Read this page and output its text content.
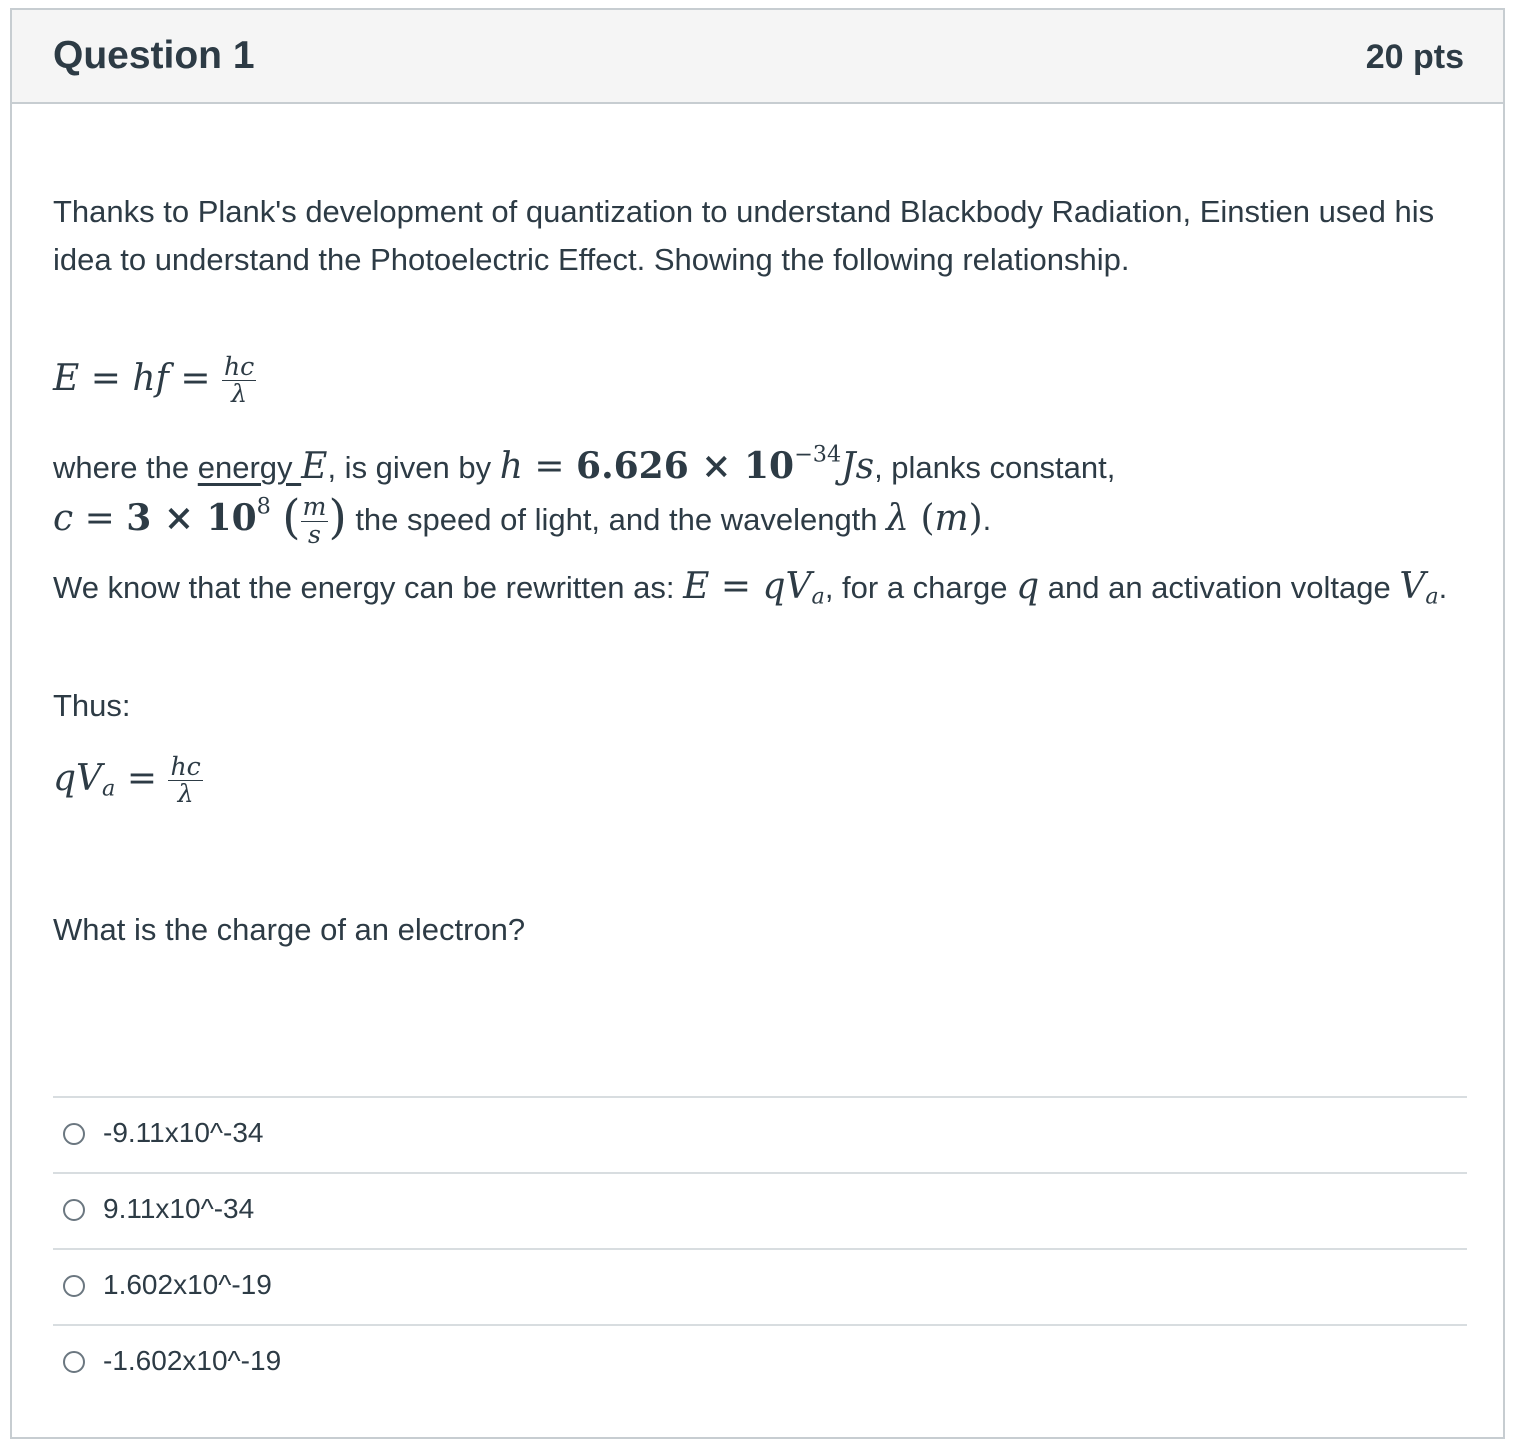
Question 1	20 pts

Thanks to Plank's development of quantization to understand Blackbody Radiation, Einstien used his idea to understand the Photoelectric Effect. Showing the following relationship.

E = hf = $\frac{hc}{\lambda}$

where the energy E, is given by $h = 6.626 \times 10^{-34}Js$, planks constant,
$c = 3 \times 10^8$ ( $\frac{m}{s}$ ) the speed of light, and the wavelength λ (m).

We know that the energy can be rewritten as: $E = qV_a$, for a charge q and an activation voltage $V_a$.

Thus:

$qV_a = \frac{hc}{\lambda}$

What is the charge of an electron?

-9.11x10^-34
9.11x10^-34
1.602x10^-19
-1.602x10^-19
